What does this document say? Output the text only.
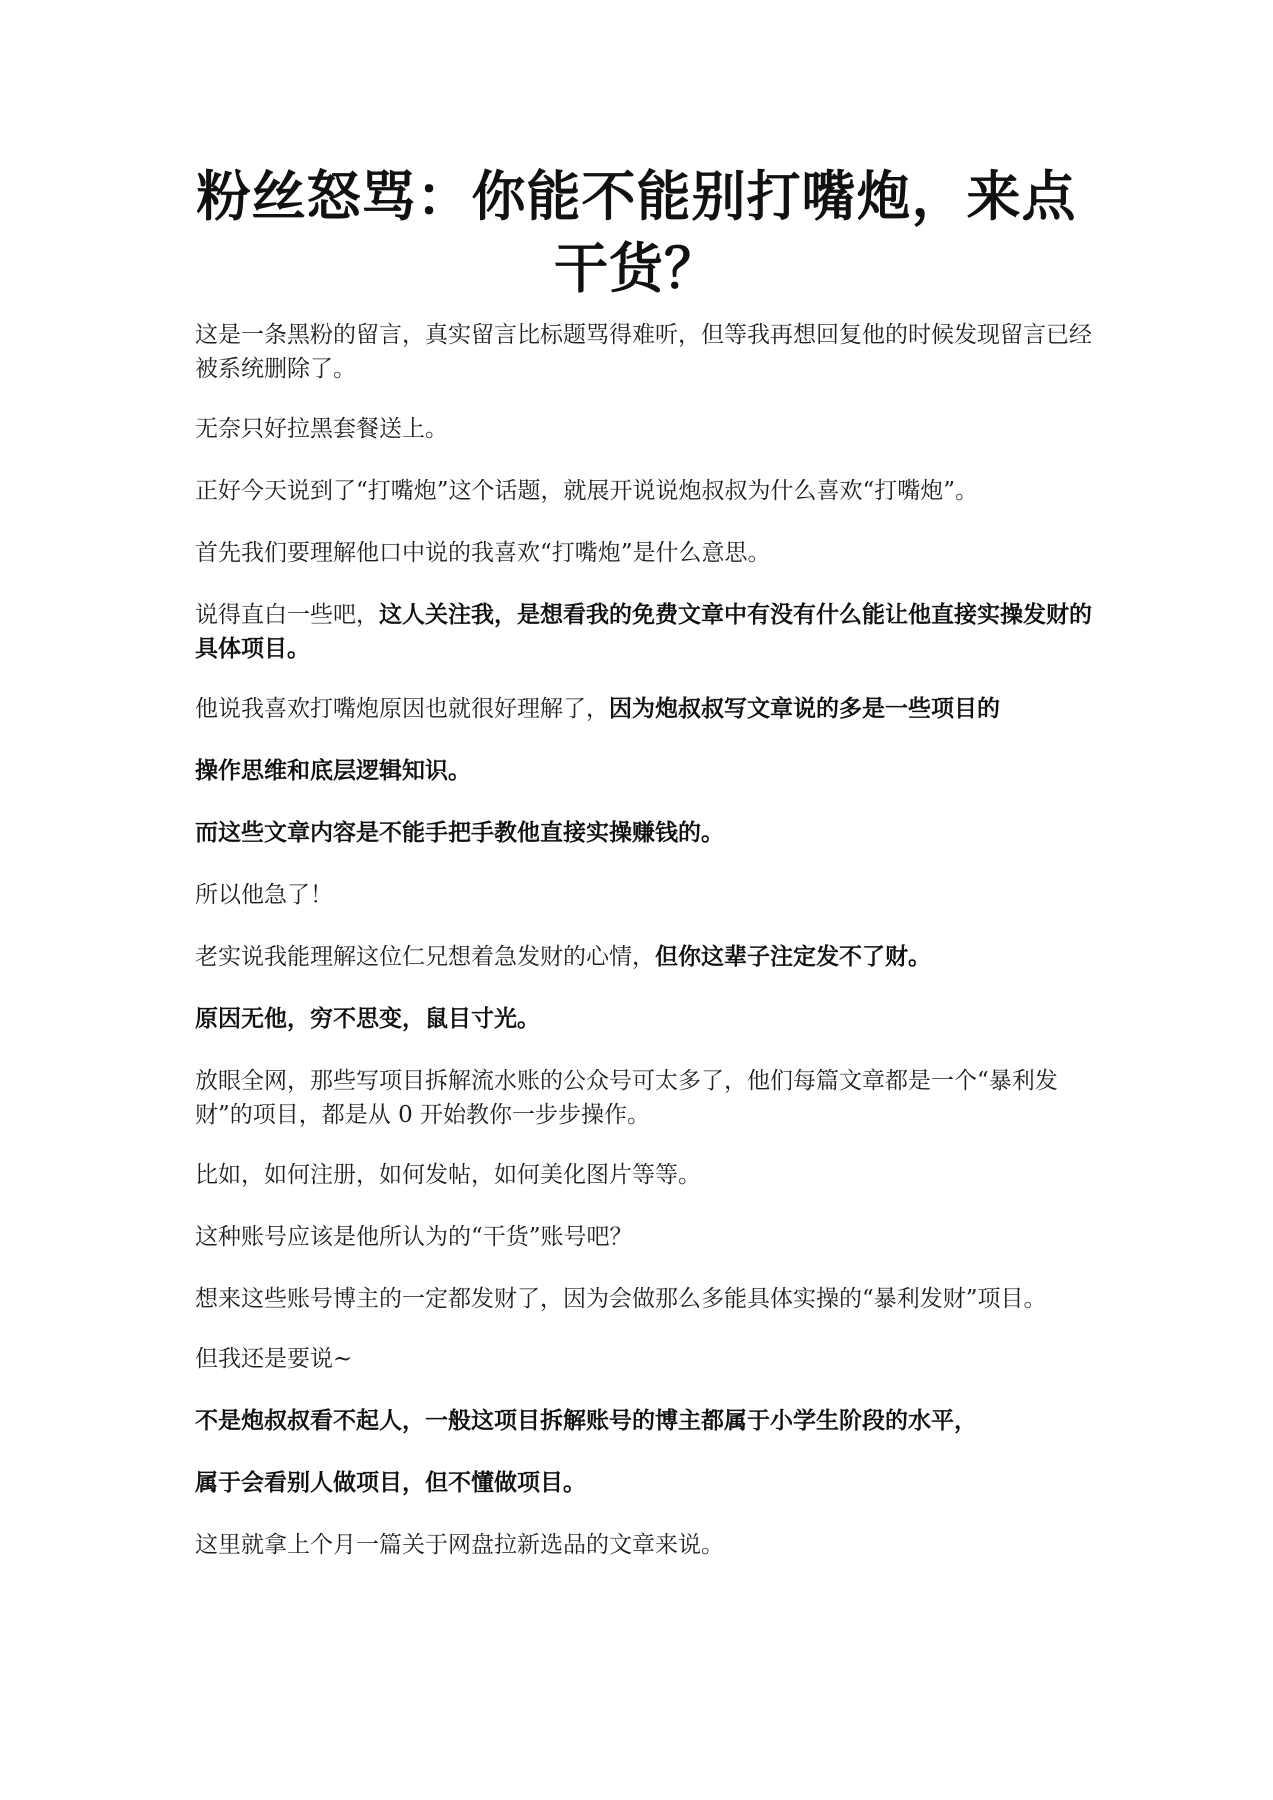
粉丝怒骂：你能不能别打嘴炮，来点干货？

这是一条黑粉的留言，真实留言比标题骂得难听，但等我再想回复他的时候发现留言已经被系统删除了。

无奈只好拉黑套餐送上。

正好今天说到了“打嘴炮”这个话题，就展开说说炮叔叔为什么喜欢“打嘴炮”。

首先我们要理解他口中说的我喜欢“打嘴炮”是什么意思。

说得直白一些吧，这人关注我，是想看我的免费文章中有没有什么能让他直接实操发财的具体项目。

他说我喜欢打嘴炮原因也就很好理解了，因为炮叔叔写文章说的多是一些项目的

操作思维和底层逻辑知识。

而这些文章内容是不能手把手教他直接实操赚钱的。

所以他急了！

老实说我能理解这位仁兄想着急发财的心情，但你这辈子注定发不了财。

原因无他，穷不思变，鼠目寸光。

放眼全网，那些写项目拆解流水账的公众号可太多了，他们每篇文章都是一个“暴利发财”的项目，都是从 0 开始教你一步步操作。

比如，如何注册，如何发帖，如何美化图片等等。

这种账号应该是他所认为的“干货”账号吧？

想来这些账号博主的一定都发财了，因为会做那么多能具体实操的“暴利发财”项目。

但我还是要说~

不是炮叔叔看不起人，一般这项目拆解账号的博主都属于小学生阶段的水平，

属于会看别人做项目，但不懂做项目。

这里就拿上个月一篇关于网盘拉新选品的文章来说。
